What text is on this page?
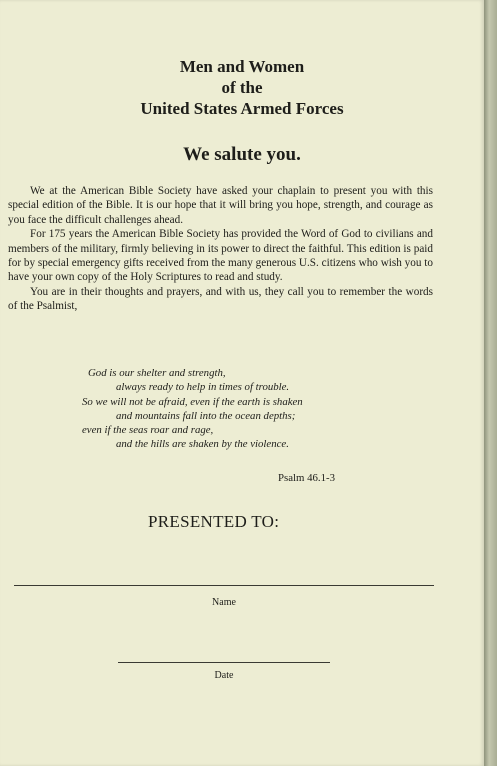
Men and Women
of the
United States Armed Forces
We salute you.

We at the American Bible Society have asked your chaplain to present you with this special edition of the Bible. It is our hope that it will bring you hope, strength, and courage as you face the difficult challenges ahead.

For 175 years the American Bible Society has provided the Word of God to civilians and members of the military, firmly believing in its power to direct the faithful. This edition is paid for by special emergency gifts received from the many generous U.S. citizens who wish you to have your own copy of the Holy Scriptures to read and study.

You are in their thoughts and prayers, and with us, they call you to remember the words of the Psalmist,

God is our shelter and strength,
always ready to help in times of trouble.
So we will not be afraid, even if the earth is shaken
and mountains fall into the ocean depths;
even if the seas roar and rage,
and the hills are shaken by the violence.
Psalm 46.1-3
PRESENTED TO:
Name
Date
